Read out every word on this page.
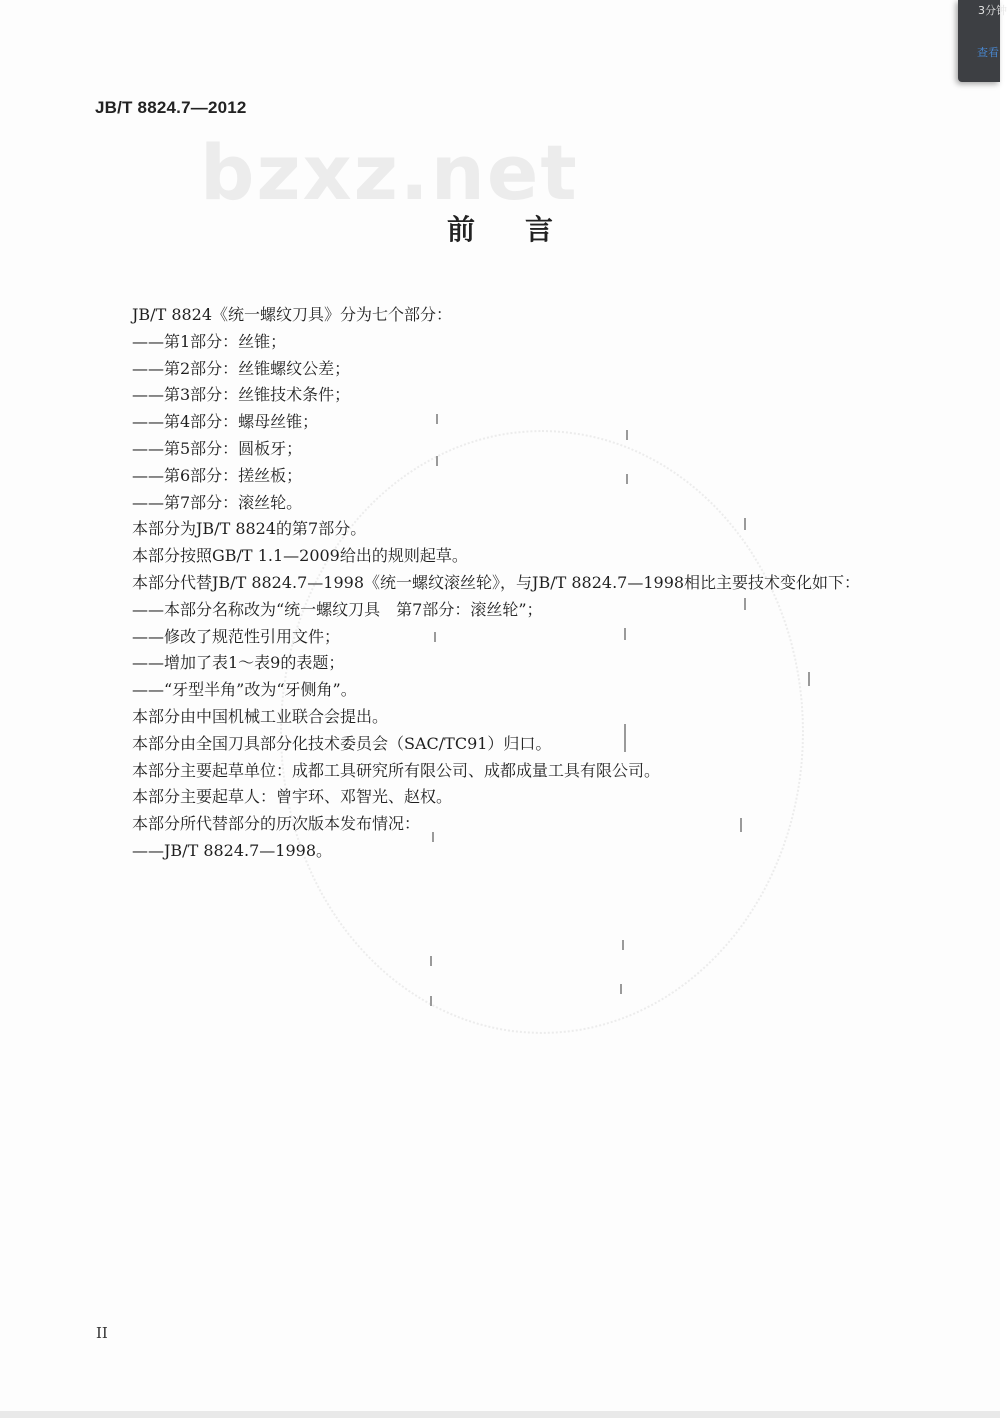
JB/T 8824.7—2012
bzxz.net
前言
JB/T 8824《统一螺纹刀具》分为七个部分：
——第1部分：丝锥；
——第2部分：丝锥螺纹公差；
——第3部分：丝锥技术条件；
——第4部分：螺母丝锥；
——第5部分：圆板牙；
——第6部分：搓丝板；
——第7部分：滚丝轮。
本部分为JB/T 8824的第7部分。
本部分按照GB/T 1.1—2009给出的规则起草。
本部分代替JB/T 8824.7—1998《统一螺纹滚丝轮》，与JB/T 8824.7—1998相比主要技术变化如下：
——本部分名称改为“统一螺纹刀具　第7部分：滚丝轮”；
——修改了规范性引用文件；
——增加了表1～表9的表题；
——“牙型半角”改为“牙侧角”。
本部分由中国机械工业联合会提出。
本部分由全国刀具部分化技术委员会（SAC/TC91）归口。
本部分主要起草单位：成都工具研究所有限公司、成都成量工具有限公司。
本部分主要起草人：曾宇环、邓智光、赵权。
本部分所代替部分的历次版本发布情况：
——JB/T 8824.7—1998。
II
3分钟
查看
